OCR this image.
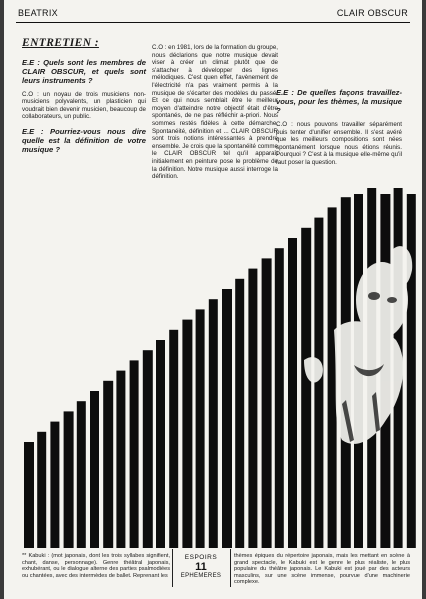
BEATRIX	CLAIR OBSCUR
ENTRETIEN :
E.E : Quels sont les membres de CLAIR OBSCUR, et quels sont leurs instruments ?

C.O : un noyau de trois musiciens non-musiciens polyvalents, un plasticien qui voudrait bien devenir musicien, beaucoup de collaborateurs, un public.

E.E : Pourriez-vous nous dire quelle est la définition de votre musique ?

C.O : en 1981, lors de la formation du groupe, nous déclarions que notre musique devait viser à créer un climat plutôt que de s'attacher à développer des lignes mélodiques. C'est quen effet, l'avènement de l'électricité n'a pas vraiment permis à la musique de s'écarter des modèles du passé. Et ce qui nous semblait être le meilleur moyen d'atteindre notre objectif était d'être spontanés, de ne pas réfléchir a-priori. Nous sommes restés fidèles à cette démarche. Spontanéité, définition et ... CLAIR OBSCUR sont trois notions intéressantes à prendre ensemble. Je crois que la spontanéité comme le CLAIR OBSCUR tel qu'il apparaît initialement en peinture pose le problème de la définition. Notre musique aussi interroge la définition.

E.E : De quelles façons travaillez-vous, pour les thèmes, la musique ?

C.O : nous pouvons travailler séparément puis tenter d'unifier ensemble. Il s'est avéré que les meilleurs compositions sont nées spontanément lorsque nous étions réunis. Pourquoi ? C'est à la musique elle-même qu'il faut poser la question.

** Kabuki : (mot japonais, dont les trois syllabes signifient, chant, danse, personnage). Genre théâtral japonais, exhubérant, ou le dialogue alterne des parties psalmodiées ou chantées, avec des intermèdes de ballet. Reprenant les
ESPOIRS
11
EPHEMERES
thèmes épiques du répertoire japonais, mais les mettant en scène à grand spectacle, le Kabuki est le genre le plus réaliste, le plus populaire du théâtre japonais. Le Kabuki est joué par des acteurs masculins, sur une scène immense, pourvue d'une machinerie complexe.
